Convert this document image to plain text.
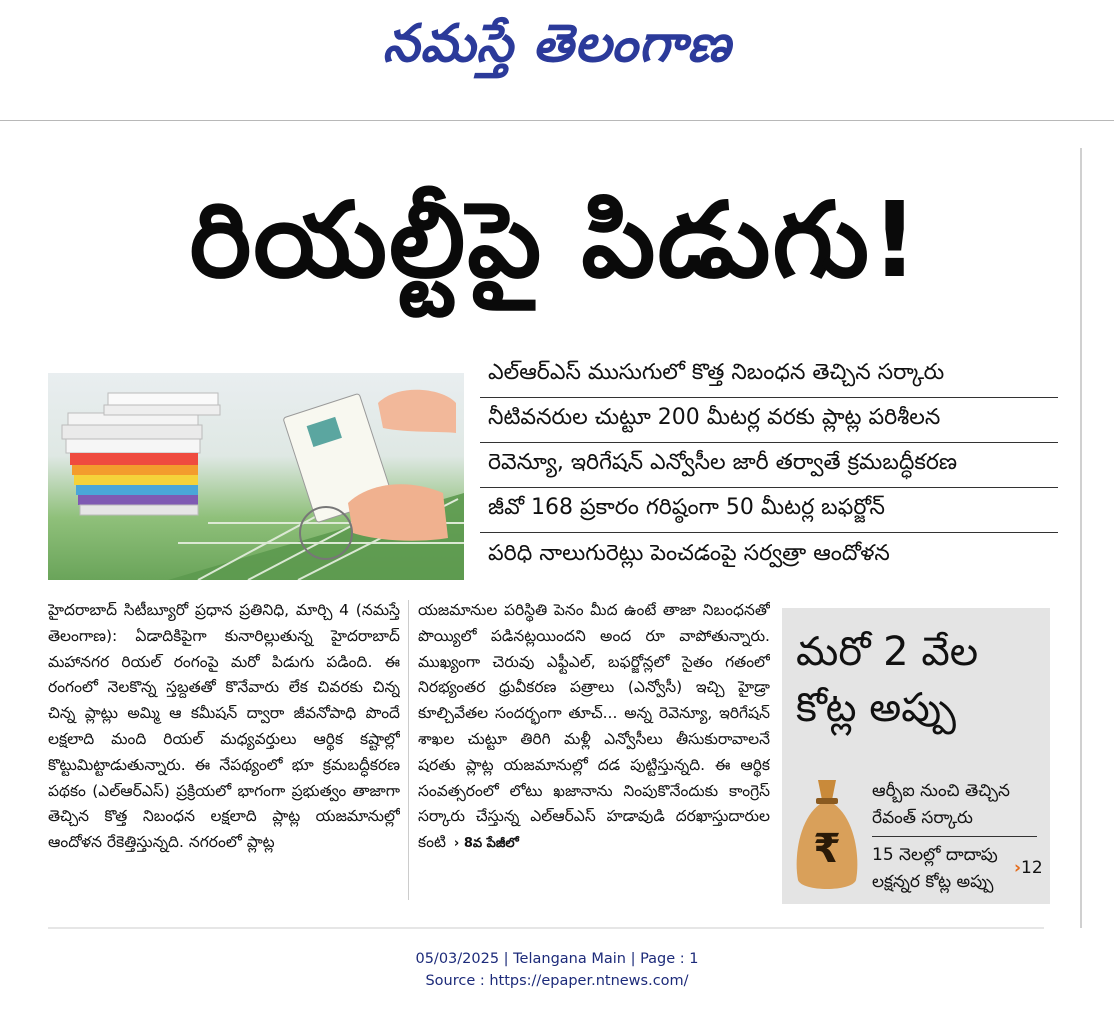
నమస్తే తెలంగాణ
రియల్టీపై పిడుగు!
ఎల్ఆర్ఎస్ ముసుగులో కొత్త నిబంధన తెచ్చిన సర్కారు
నీటివనరుల చుట్టూ 200 మీటర్ల వరకు ప్లాట్ల పరిశీలన
రెవెన్యూ, ఇరిగేషన్ ఎన్వోసీల జారీ తర్వాతే క్రమబద్ధీకరణ
జీవో 168 ప్రకారం గరిష్ఠంగా 50 మీటర్ల బఫర్జోన్
పరిధి నాలుగురెట్లు పెంచడంపై సర్వత్రా ఆందోళన

హైదరాబాద్ సిటీబ్యూరో ప్రధాన ప్రతినిధి, మార్చి 4 (నమస్తే తెలంగాణ): ఏడాదికిపైగా కునారిల్లుతున్న హైదరాబాద్ మహానగర రియల్ రంగంపై మరో పిడుగు పడింది. ఈ రంగంలో నెలకొన్న స్తబ్దతతో కొనేవారు లేక చివరకు చిన్న చిన్న ప్లాట్లు అమ్మి ఆ కమీషన్ ద్వారా జీవనోపాధి పొందే లక్షలాది మంది రియల్ మధ్యవర్తులు ఆర్థిక కష్టాల్లో కొట్టుమిట్టాడుతున్నారు. ఈ నేపథ్యంలో భూ క్రమబద్ధీకరణ పథకం (ఎల్ఆర్ఎస్) ప్రక్రియలో భాగంగా ప్రభుత్వం తాజాగా తెచ్చిన కొత్త నిబంధన లక్షలాది ప్లాట్ల యజమానుల్లో ఆందోళన రేకెత్తిస్తున్నది. నగరంలో ప్లాట్ల

యజమానుల పరిస్థితి పెనం మీద ఉంటే తాజా నిబంధనతో పొయ్యిలో పడినట్లయిందని అంద రూ వాపోతున్నారు. ముఖ్యంగా చెరువు ఎఫ్టీఎల్, బఫర్జోన్లలో సైతం గతంలో నిరభ్యంతర ధ్రువీకరణ పత్రాలు (ఎన్వోసీ) ఇచ్చి హైడ్రా కూల్చివేతల సందర్భంగా తూచ్... అన్న రెవెన్యూ, ఇరిగేషన్ శాఖల చుట్టూ తిరిగి మళ్లీ ఎన్వోసీలు తీసుకురావాలనే షరతు ప్లాట్ల యజమానుల్లో దడ పుట్టిస్తున్నది. ఈ ఆర్థిక సంవత్సరంలో లోటు ఖజానాను నింపుకొనేందుకు కాంగ్రెస్ సర్కారు చేస్తున్న ఎల్ఆర్ఎస్ హడావుడి దరఖాస్తుదారుల కంటి › 8వ పేజీలో

మరో 2 వేల కోట్ల అప్పు
₹
ఆర్బీఐ నుంచి తెచ్చిన రేవంత్ సర్కారు
15 నెలల్లో దాదాపు లక్షన్నర కోట్ల అప్పు
›12
05/03/2025 | Telangana Main | Page : 1
Source : https://epaper.ntnews.com/
